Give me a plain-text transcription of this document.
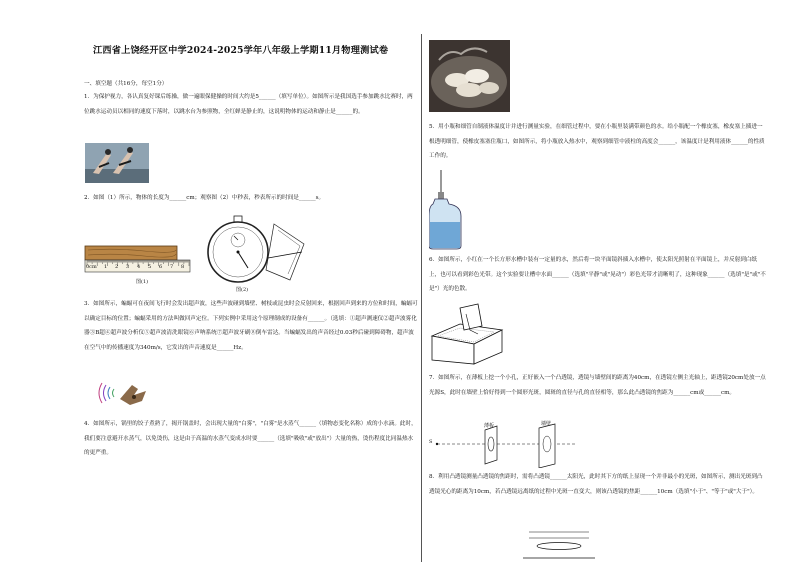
江西省上饶经开区中学2024-2025学年八年级上学期11月物理测试卷
一、填空题（共16分，每空1分）
1．为保护视力，各认真复好课后练操，做一遍眼保健操的时间大约是5______（填写单位）。如图所示是我国选手参加跳水比赛时，两位跳水运动员以相同的速度下落时，以跳水台为参照物，全红婵是静止的，这说明物体的运动和静止是______的。
2．如图（1）所示，物体的长度为______cm；观察图（2）中秒表，秒表所示的时间是______s。
0cm 1 2 3 4 5 6 7 8
图(1)
图(2)
3．如图所示，蝙蝠可在夜间飞行时会发出超声波，这些声波碰到墙壁、树枝或昆虫时会反射回来，根据回声到来的方位和时间，蝙蝠可以确定目标的位置；蝙蝠采用的方法叫做回声定位。下列实例中采用这个原理制成的设备有______。（选填：①超声测速仪②超声波雾化器③B超④超声波分析仪⑤超声波清洗眼镜⑥声呐系统⑦超声波牙刷⑧倒车雷达。当蝙蝠发出的声音经过0.03秒后碰到障碍物，超声波在空气中的传播速度为340m/s，它发出的声音速度是______Hz。
4．如图所示，锅里的饺子煮熟了，揭开锅盖时，会出现大量的"白雾"，"白雾"是水蒸气______（填物态变化名称）成的小水滴。此时，我们要注意避开水蒸气，以免烫伤，这是由于高温的水蒸气变成水时要______（选填"吸收"或"放出"）大量的热，烫伤程度比同温热水的更严重。
5．用小瓶和细管自制液体温度计并进行测量实验，在细管过程中，要在小瓶里装满带颜色的水。给小瓶配一个橡皮塞，橡皮塞上插进一根透明细管，使橡皮塞塞住瓶口，如图所示，将小瓶放入热水中，观察到细管中液柱的高度会______，该温度计是利用液体______的性质工作的。
6．如图所示，小红在一个长方形水槽中装有一定量的水，然后将一块平面镜斜插入水槽中，使太阳光照射在平面镜上，并反射到白纸上，也可以看到彩色光带。这个实验要让槽中水面______（选填"平静"或"晃动"）彩色光带才清晰明了，这种现象______（选填"是"或"不是"）光的色散。
7．如图所示，在薄板上挖一个小孔，正好嵌入一个凸透镜，透镜与墙壁间的距离为40cm，在透镜左侧主光轴上，距透镜20cm处放一点光源S，此时在墙壁上恰好得到一个圆形光斑，圆斑的直径与孔的直径相等，那么此凸透镜的焦距为______cm或______cm。
S
薄板	墙壁
8．利用凸透镜测量凸透镜的焦距时，需将凸透镜______太阳光，此时其下方的纸上显现一个并非最小的光斑，如图所示，测出光斑到凸透镜光心的距离为10cm，若凸透镜远离纸的过程中光斑一直变大，则该凸透镜的焦距______10cm（选填"小于"、"等于"或"大于"）。
